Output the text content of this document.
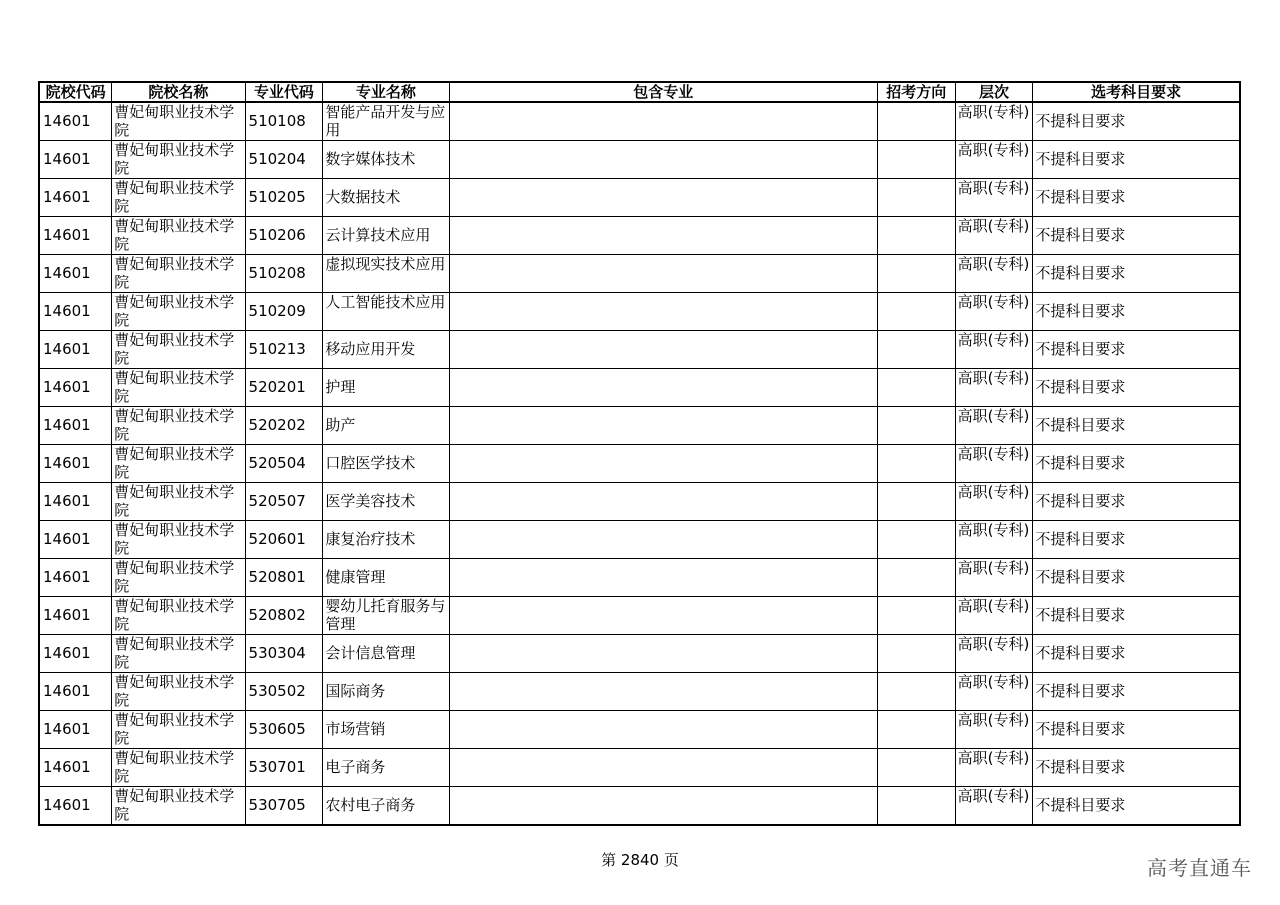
院校代码	院校名称	专业代码	专业名称	包含专业	招考方向	层次	选考科目要求
14601	曹妃甸职业技术学院	510108	智能产品开发与应用			高职(专科)	不提科目要求
14601	曹妃甸职业技术学院	510204	数字媒体技术			高职(专科)	不提科目要求
14601	曹妃甸职业技术学院	510205	大数据技术			高职(专科)	不提科目要求
14601	曹妃甸职业技术学院	510206	云计算技术应用			高职(专科)	不提科目要求
14601	曹妃甸职业技术学院	510208	虚拟现实技术应用			高职(专科)	不提科目要求
14601	曹妃甸职业技术学院	510209	人工智能技术应用			高职(专科)	不提科目要求
14601	曹妃甸职业技术学院	510213	移动应用开发			高职(专科)	不提科目要求
14601	曹妃甸职业技术学院	520201	护理			高职(专科)	不提科目要求
14601	曹妃甸职业技术学院	520202	助产			高职(专科)	不提科目要求
14601	曹妃甸职业技术学院	520504	口腔医学技术			高职(专科)	不提科目要求
14601	曹妃甸职业技术学院	520507	医学美容技术			高职(专科)	不提科目要求
14601	曹妃甸职业技术学院	520601	康复治疗技术			高职(专科)	不提科目要求
14601	曹妃甸职业技术学院	520801	健康管理			高职(专科)	不提科目要求
14601	曹妃甸职业技术学院	520802	婴幼儿托育服务与管理			高职(专科)	不提科目要求
14601	曹妃甸职业技术学院	530304	会计信息管理			高职(专科)	不提科目要求
14601	曹妃甸职业技术学院	530502	国际商务			高职(专科)	不提科目要求
14601	曹妃甸职业技术学院	530605	市场营销			高职(专科)	不提科目要求
14601	曹妃甸职业技术学院	530701	电子商务			高职(专科)	不提科目要求
14601	曹妃甸职业技术学院	530705	农村电子商务			高职(专科)	不提科目要求
第 2840 页	高考直通车
